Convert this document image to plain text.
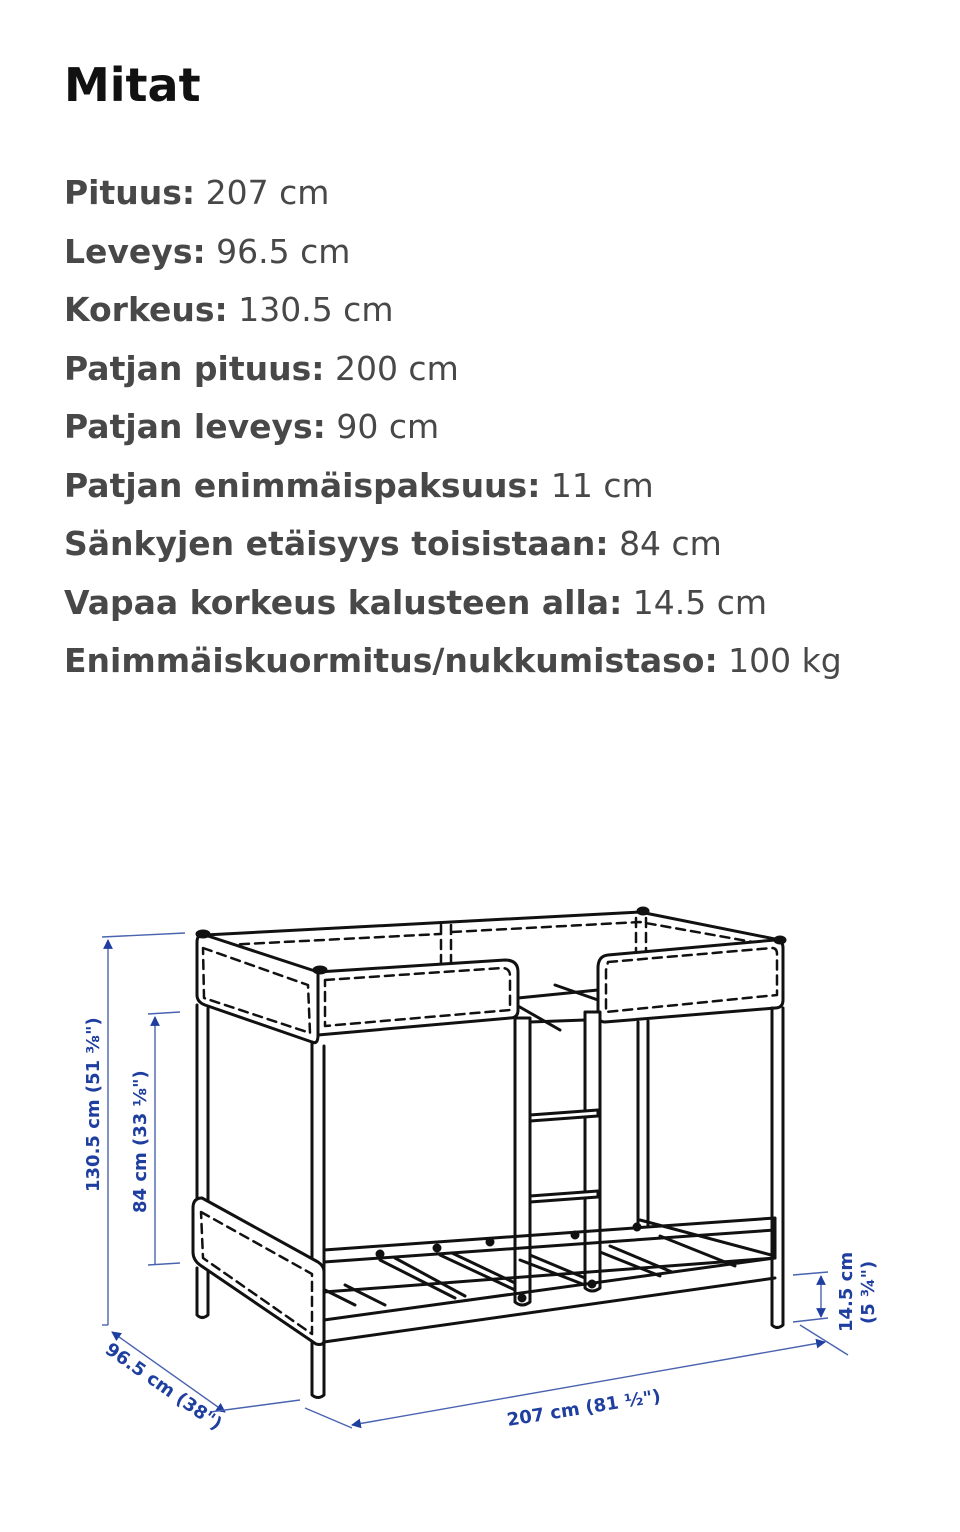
Mitat
Pituus: 207 cm
Leveys: 96.5 cm
Korkeus: 130.5 cm
Patjan pituus: 200 cm
Patjan leveys: 90 cm
Patjan enimmäispaksuus: 11 cm
Sänkyjen etäisyys toisistaan: 84 cm
Vapaa korkeus kalusteen alla: 14.5 cm
Enimmäiskuormitus/nukkumistaso: 100 kg
130.5 cm (51 ⅜") 84 cm (33 ⅛")
14.5 cm (5 ¾")
96.5 cm (38")	207 cm (81 ½")
